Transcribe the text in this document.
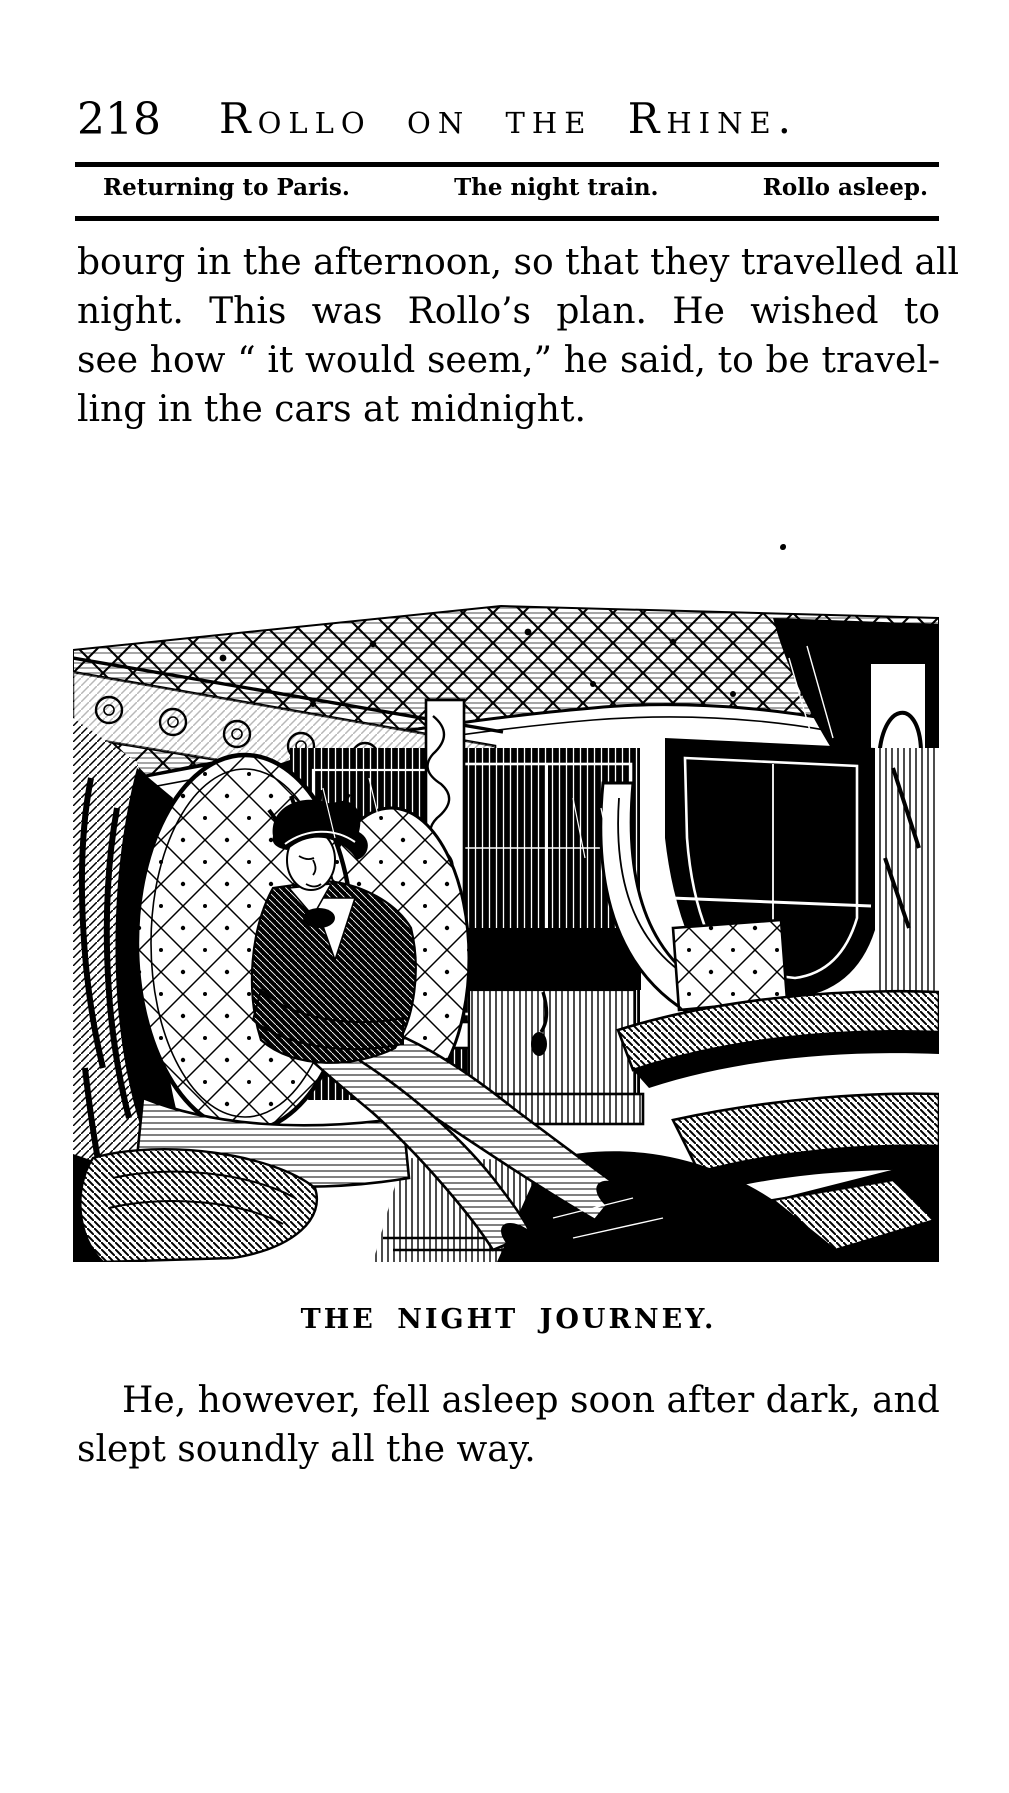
218	Rollo on the Rhine.
Returning to Paris.	The night train.	Rollo asleep.
bourg in the afternoon, so that they travelled all
night. This was Rollo’s plan. He wished to
see how “ it would seem,” he said, to be travel-
ling in the cars at midnight.
THE NIGHT JOURNEY.
He, however, fell asleep soon after dark, and
slept soundly all the way.
